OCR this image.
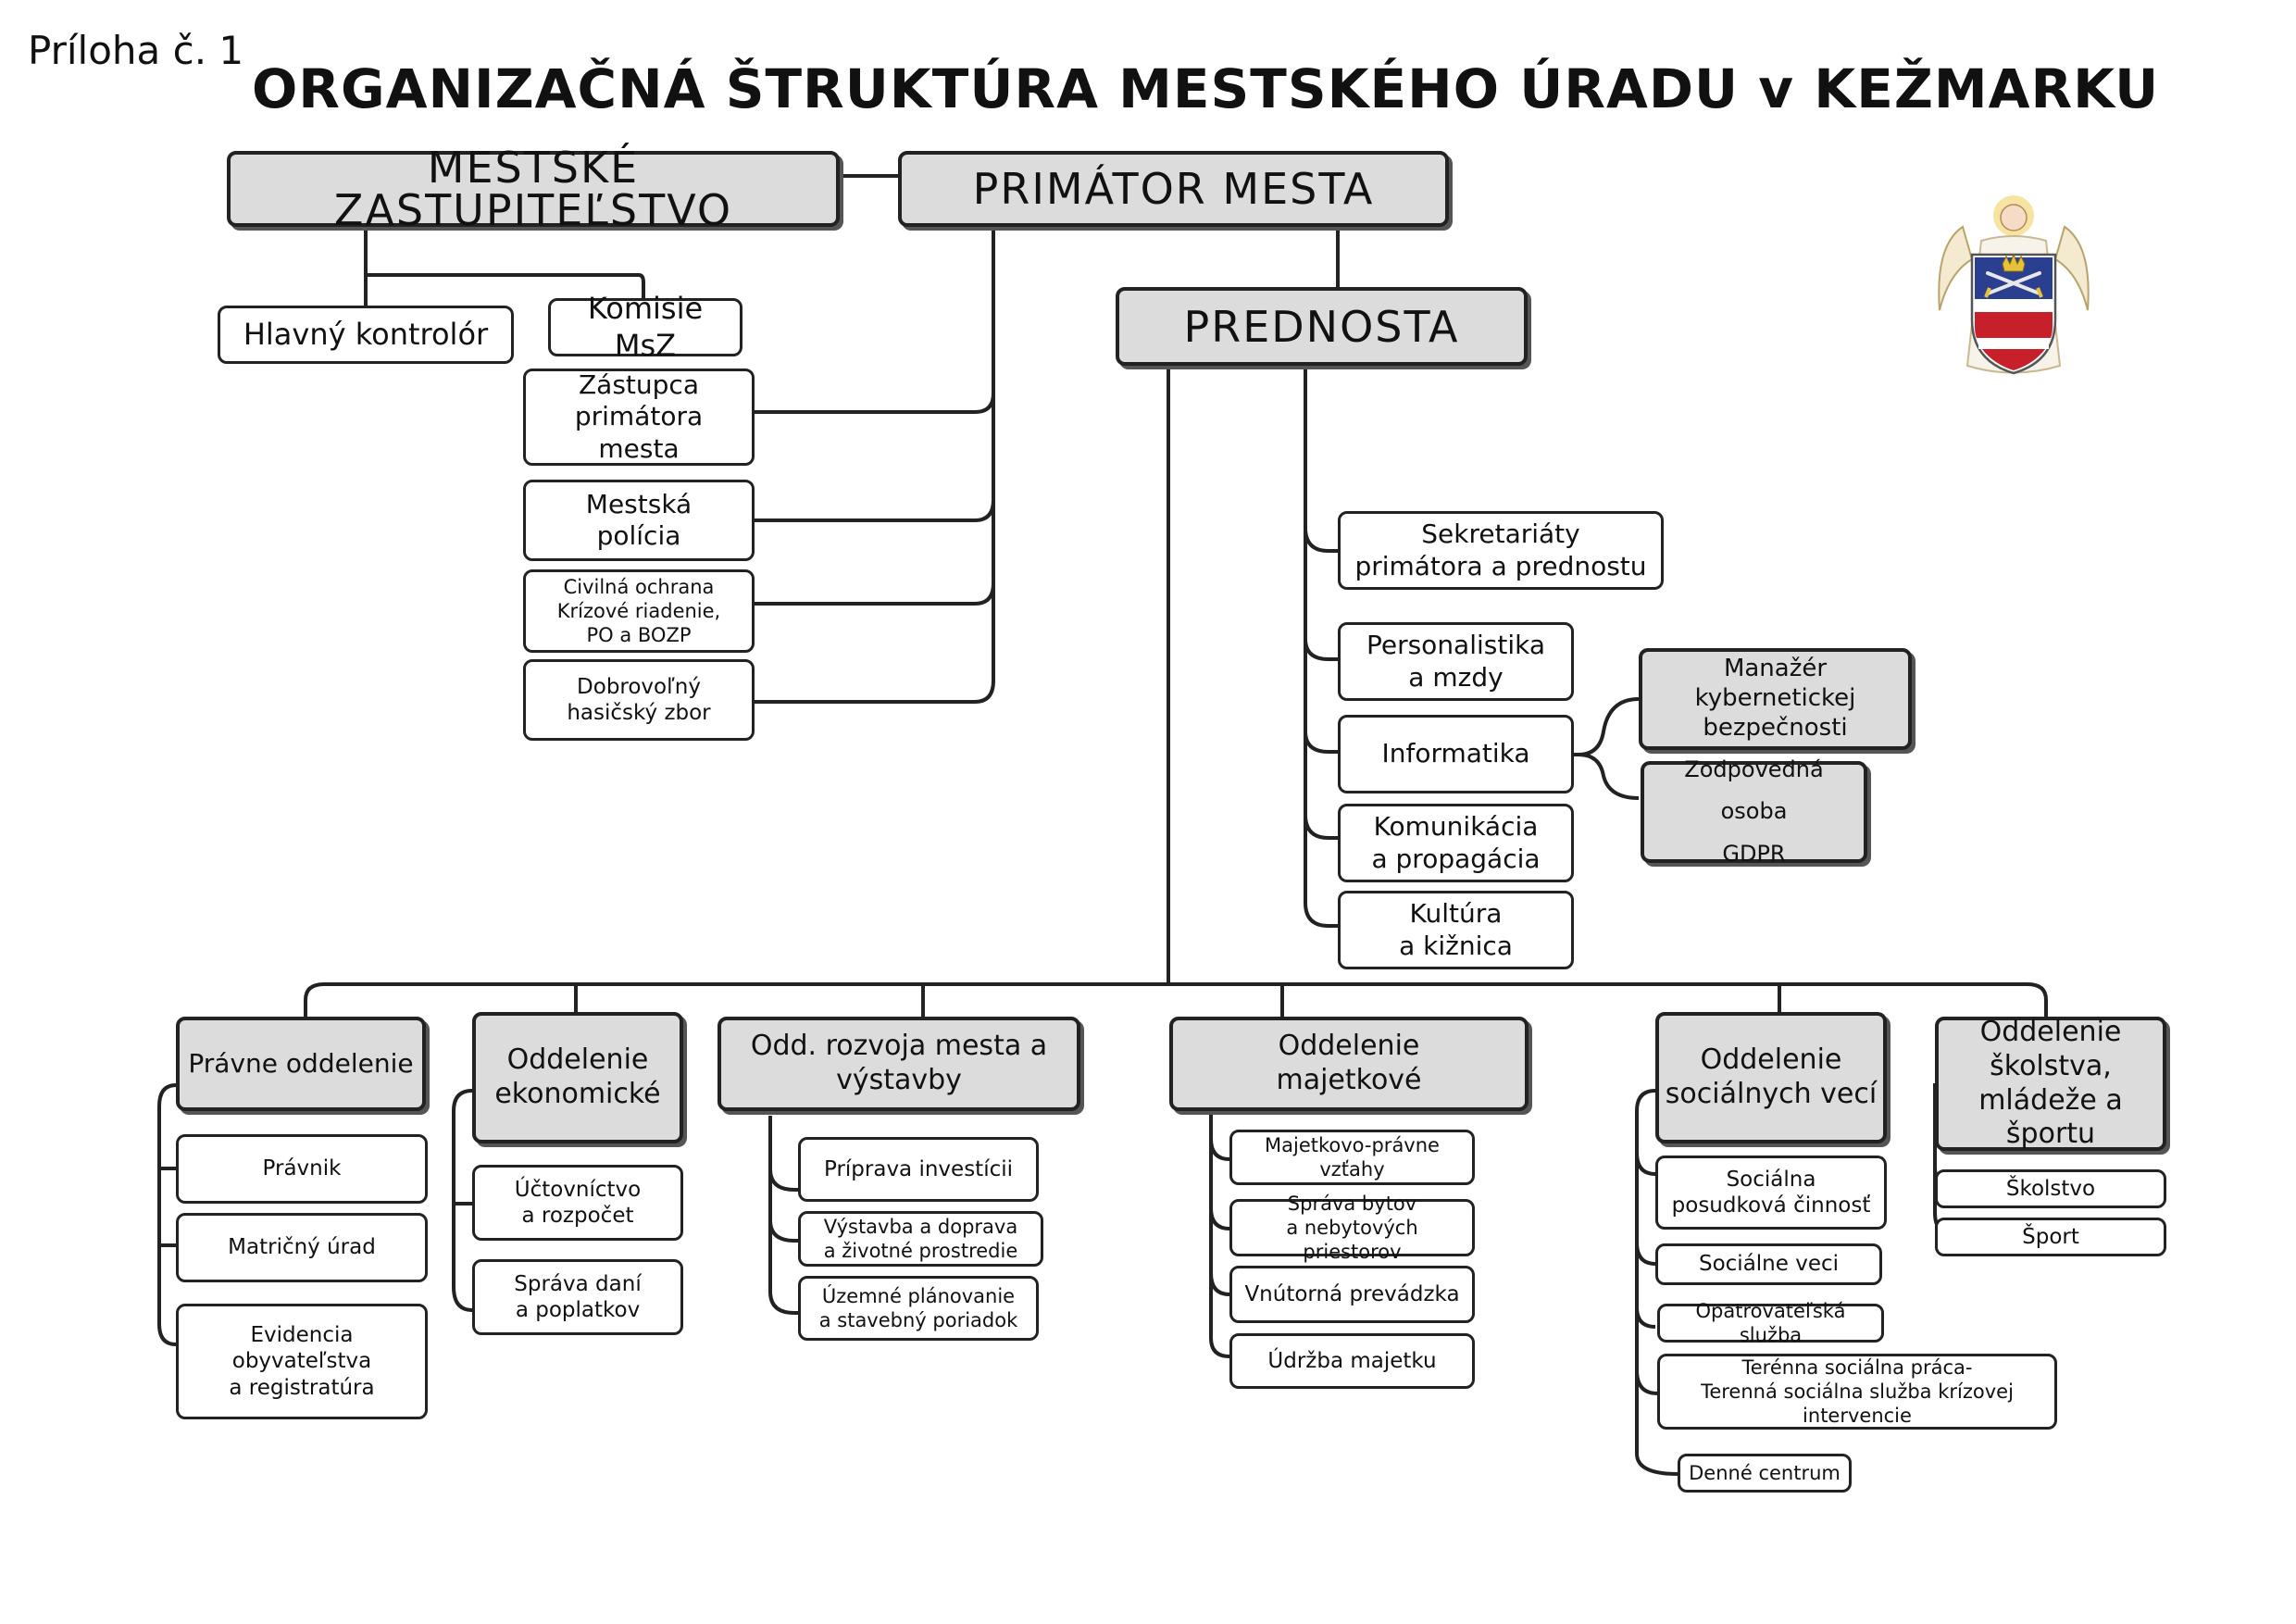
Príloha č. 1
ORGANIZAČNÁ ŠTRUKTÚRA MESTSKÉHO ÚRADU v KEŽMARKU
MESTSKÉ ZASTUPITEĽSTVO	PRIMÁTOR MESTA
PREDNOSTA
Hlavný kontrolór
Komisie MsZ
Zástupca
primátora mesta
Mestská
polícia
Civilná ochrana
Krízové riadenie,
PO a BOZP
Dobrovoľný
hasičský zbor
Sekretariáty
primátora a prednostu
Personalistika
a mzdy
Informatika
Komunikácia
a propagácia
Kultúra
a kižnica
Manažér kybernetickej
bezpečnosti
Zodpovedná osoba
GDPR
Právne oddelenie	Oddelenie
ekonomické
Odd. rozvoja mesta a výstavby
Oddelenie
majetkové
Oddelenie
sociálnych vecí
Oddelenie
školstva,
mládeže a športu
Právnik
Matričný úrad
Evidencia obyvateľstva
a registratúra
Účtovníctvo
a rozpočet
Správa daní
a poplatkov
Príprava investícii
Výstavba a doprava
a životné prostredie
Územné plánovanie
a stavebný poriadok
Majetkovo-právne
vzťahy
Správa bytov
a nebytových priestorov
Vnútorná prevádzka
Údržba majetku
Sociálna
posudková činnosť
Sociálne veci
Opatrovateľská služba
Terénna sociálna práca-
Terenná sociálna služba krízovej intervencie
Denné centrum
Školstvo
Šport
